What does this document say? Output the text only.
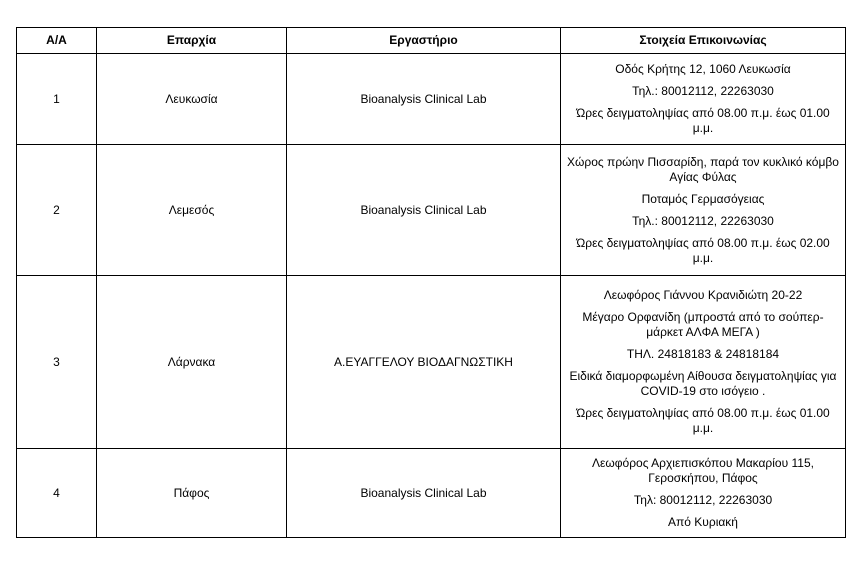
Α/Α	Επαρχία	Εργαστήριο	Στοιχεία Επικοινωνίας
1	Λευκωσία	Bioanalysis Clinical Lab	Οδός Κρήτης 12, 1060 Λευκωσία

Τηλ.: 80012112, 22263030

Ώρες δειγματοληψίας από 08.00 π.μ. έως 01.00 μ.μ.

2	Λεμεσός	Bioanalysis Clinical Lab	Χώρος πρώην Πισσαρίδη, παρά τον κυκλικό κόμβο Αγίας Φύλας

Ποταμός Γερμασόγειας

Τηλ.: 80012112, 22263030

Ώρες δειγματοληψίας από 08.00 π.μ. έως 02.00 μ.μ.

3	Λάρνακα	Α.ΕΥΑΓΓΕΛΟΥ ΒΙΟΔΑΓΝΩΣΤΙΚΗ	Λεωφόρος Γιάννου Κρανιδιώτη 20-22

Μέγαρο Ορφανίδη (μπροστά από το σούπερ-μάρκετ ΑΛΦΑ ΜΕΓΑ )

ΤΗΛ. 24818183 & 24818184

Ειδικά διαμορφωμένη Αίθουσα δειγματοληψίας για COVID-19 στο ισόγειο .

Ώρες δειγματοληψίας από 08.00 π.μ. έως 01.00 μ.μ.

4	Πάφος	Bioanalysis Clinical Lab	Λεωφόρος Αρχιεπισκόπου Μακαρίου 115, Γεροσκήπου, Πάφος

Τηλ: 80012112, 22263030

Από Κυριακή
